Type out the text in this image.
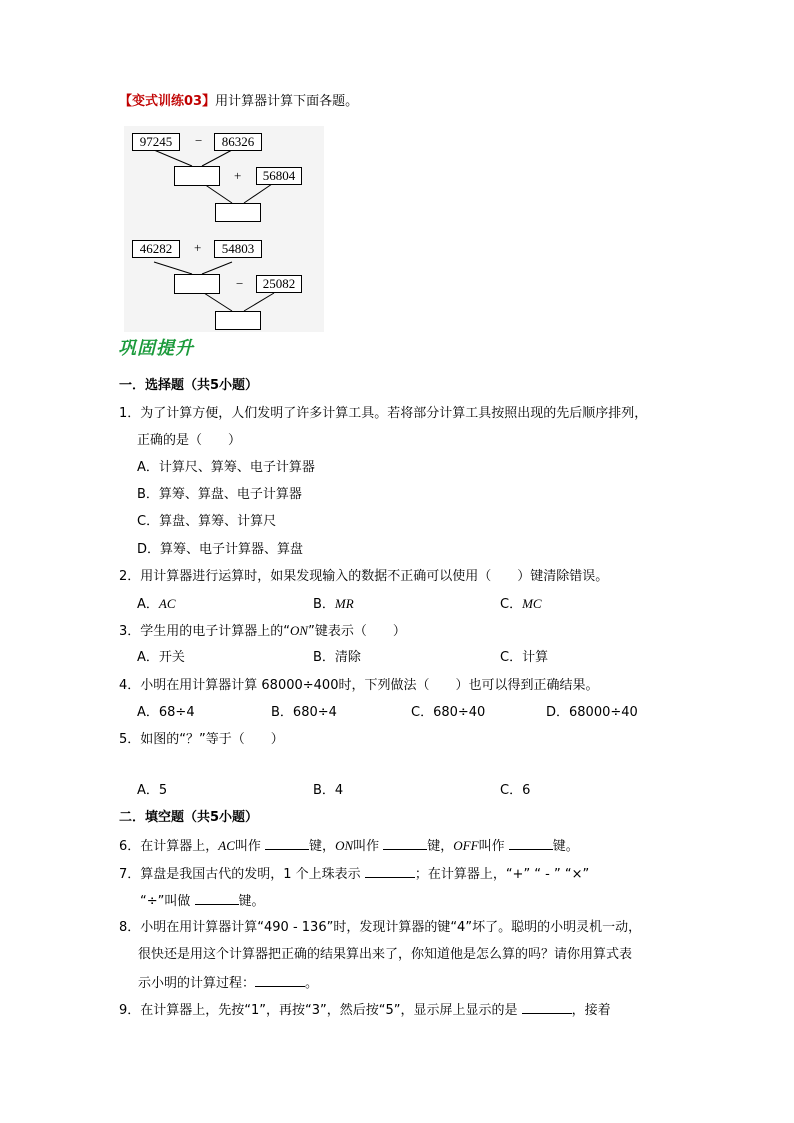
【变式训练03】用计算器计算下面各题。
97245	−	86326
+	56804
46282	+	54803
−	25082
巩固提升
一．选择题（共5小题）
1．为了计算方便，人们发明了许多计算工具。若将部分计算工具按照出现的先后顺序排列，
正确的是（　　）
A．计算尺、算筹、电子计算器
B．算筹、算盘、电子计算器
C．算盘、算筹、计算尺
D．算筹、电子计算器、算盘
2．用计算器进行运算时，如果发现输入的数据不正确可以使用（　　）键清除错误。
A．AC	B．MR	C．MC
3．学生用的电子计算器上的“ON”键表示（　　）
A．开关	B．清除	C．计算
4．小明在用计算器计算 68000÷400时，下列做法（　　）也可以得到正确结果。
A．68÷4	B．680÷4	C．680÷40	D．68000÷40
5．如图的“？”等于（　　）
A．5	B．4	C．6
二．填空题（共5小题）
6．在计算器上，AC叫作	键，ON叫作	键，OFF叫作	键。
7．算盘是我国古代的发明，1 个上珠表示	；在计算器上，“+” “ - ” “×”
“÷”叫做	键。
8．小明在用计算器计算“490 - 136”时，发现计算器的键“4”坏了。聪明的小明灵机一动，
很快还是用这个计算器把正确的结果算出来了，你知道他是怎么算的吗？请你用算式表
示小明的计算过程：	。
9．在计算器上，先按“1”，再按“3”，然后按“5”，显示屏上显示的是	，接着
